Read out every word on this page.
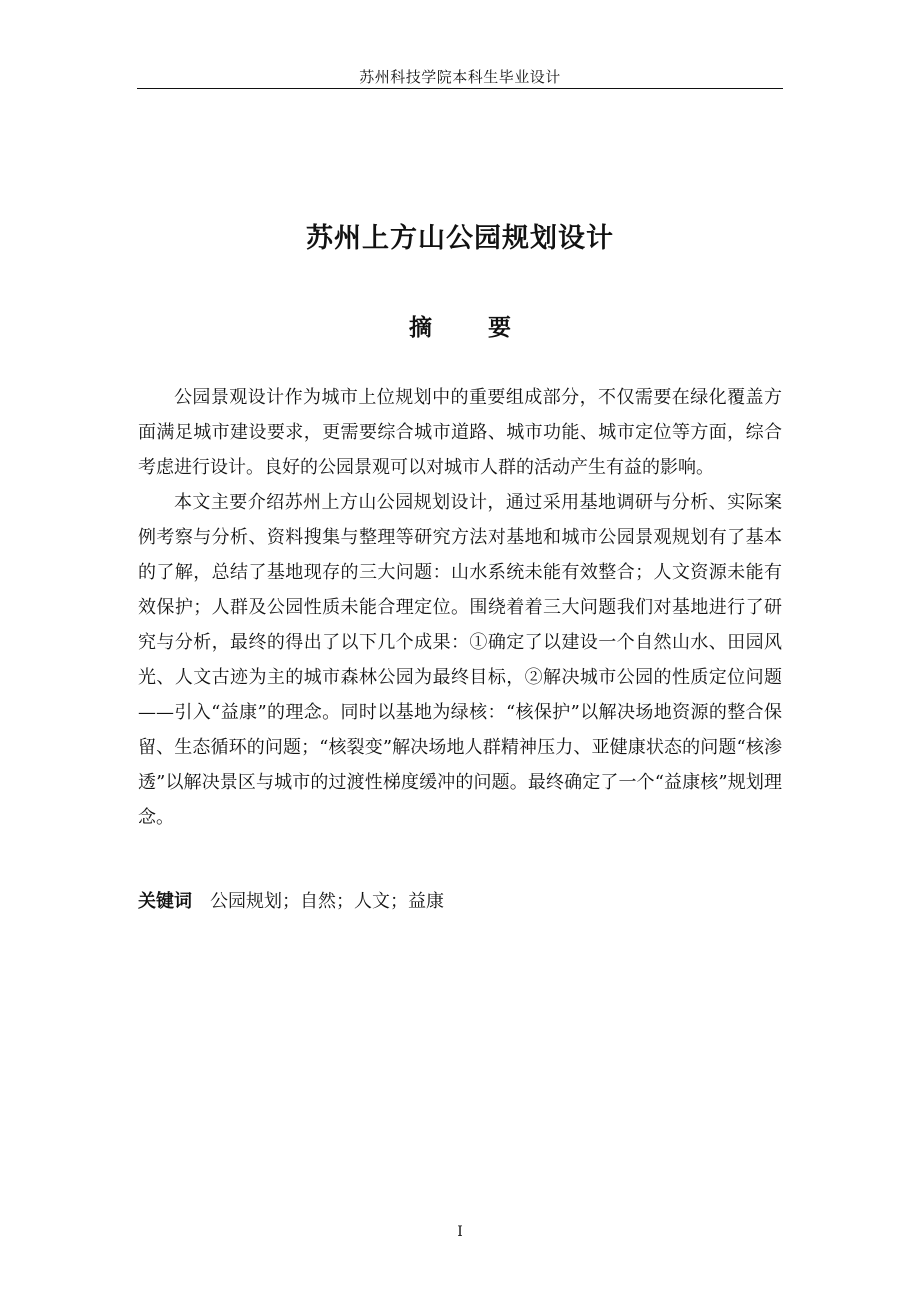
苏州科技学院本科生毕业设计
苏州上方山公园规划设计
摘 要

公园景观设计作为城市上位规划中的重要组成部分，不仅需要在绿化覆盖方面满足城市建设要求，更需要综合城市道路、城市功能、城市定位等方面，综合考虑进行设计。良好的公园景观可以对城市人群的活动产生有益的影响。

本文主要介绍苏州上方山公园规划设计，通过采用基地调研与分析、实际案例考察与分析、资料搜集与整理等研究方法对基地和城市公园景观规划有了基本的了解，总结了基地现存的三大问题：山水系统未能有效整合；人文资源未能有效保护；人群及公园性质未能合理定位。围绕着着三大问题我们对基地进行了研究与分析，最终的得出了以下几个成果：①确定了以建设一个自然山水、田园风光、人文古迹为主的城市森林公园为最终目标，②解决城市公园的性质定位问题——引入“益康”的理念。同时以基地为绿核：“核保护”以解决场地资源的整合保留、生态循环的问题；“核裂变”解决场地人群精神压力、亚健康状态的问题“核渗透”以解决景区与城市的过渡性梯度缓冲的问题。最终确定了一个“益康核”规划理念。

关键词 公园规划；自然；人文；益康
I
